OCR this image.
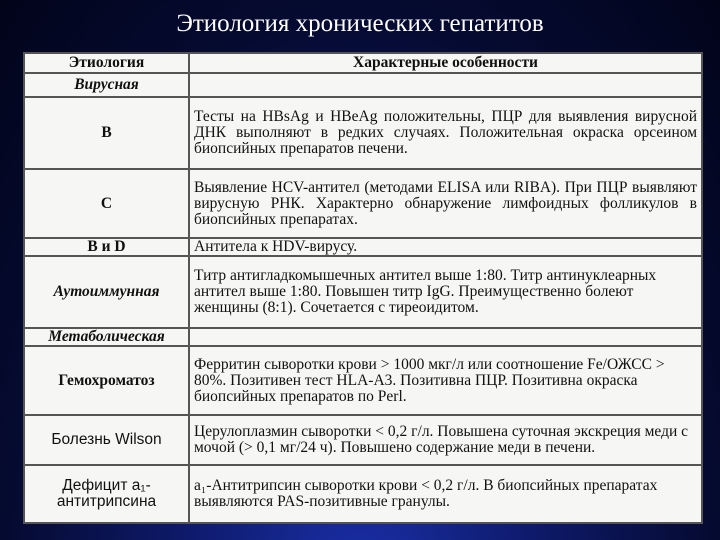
Этиология хронических гепатитов
Этиология	Характерные особенности
Вирусная	
B	Тесты на HBsAg и HBeAg положительны, ПЦР для выявления вирусной ДНК выполняют в редких случаях. Положительная окраска орсеином биопсийных препаратов печени.
C	Выявление HCV-антител (методами ELISA или RIBA). При ПЦР выявляют вирусную РНК. Характерно обнаружение лимфоидных фолликулов в биопсийных препаратах.
B и D	Антитела к HDV-вирусу.
Аутоиммунная	Титр антигладкомышечных антител выше 1:80. Титр антинуклеарных антител выше 1:80. Повышен титр IgG. Преимущественно болеют женщины (8:1). Сочетается с тиреоидитом.
Метаболическая	
Гемохроматоз	Ферритин сыворотки крови > 1000 мкг/л или соотношение Fe/ОЖСС > 80%. Позитивен тест HLA-A3. Позитивна ПЦР. Позитивна окраска биопсийных препаратов по Perl.
Болезнь Wilson	Церулоплазмин сыворотки < 0,2 г/л. Повышена суточная экскреция меди с мочой (> 0,1 мг/24 ч). Повышено содержание меди в печени.
Дефицит a₁-антитрипсина	a₁-Антитрипсин сыворотки крови < 0,2 г/л. В биопсийных препаратах выявляются PAS-позитивные гранулы.
